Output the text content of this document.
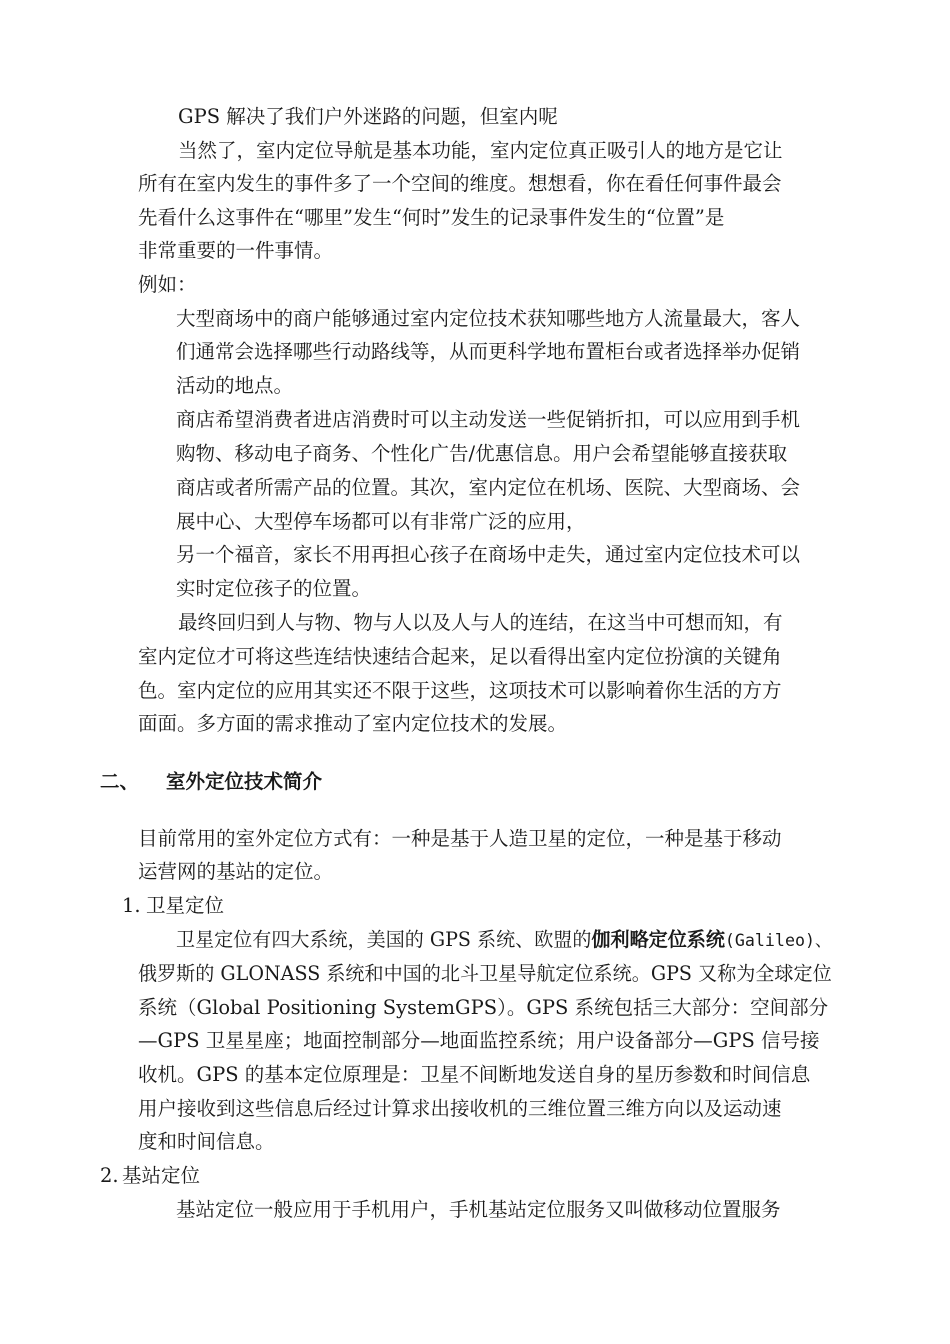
GPS 解决了我们户外迷路的问题，但室内呢

当然了，室内定位导航是基本功能，室内定位真正吸引人的地方是它让

所有在室内发生的事件多了一个空间的维度。想想看，你在看任何事件最会

先看什么这事件在“哪里”发生“何时”发生的记录事件发生的“位置”是

非常重要的一件事情。

例如：

大型商场中的商户能够通过室内定位技术获知哪些地方人流量最大，客人

们通常会选择哪些行动路线等，从而更科学地布置柜台或者选择举办促销

活动的地点。

商店希望消费者进店消费时可以主动发送一些促销折扣，可以应用到手机

购物、移动电子商务、个性化广告/优惠信息。用户会希望能够直接获取

商店或者所需产品的位置。其次，室内定位在机场、医院、大型商场、会

展中心、大型停车场都可以有非常广泛的应用，

另一个福音，家长不用再担心孩子在商场中走失，通过室内定位技术可以

实时定位孩子的位置。

最终回归到人与物、物与人以及人与人的连结，在这当中可想而知，有

室内定位才可将这些连结快速结合起来，足以看得出室内定位扮演的关键角

色。室内定位的应用其实还不限于这些，这项技术可以影响着你生活的方方

面面。多方面的需求推动了室内定位技术的发展。

二、 室外定位技术简介

目前常用的室外定位方式有：一种是基于人造卫星的定位，一种是基于移动

运营网的基站的定位。

1. 卫星定位

卫星定位有四大系统，美国的 GPS 系统、欧盟的伽利略定位系统(Galileo)、

俄罗斯的 GLONASS 系统和中国的北斗卫星导航定位系统。GPS 又称为全球定位

系统（Global Positioning SystemGPS）。GPS 系统包括三大部分：空间部分

—GPS 卫星星座；地面控制部分—地面监控系统；用户设备部分—GPS 信号接

收机。GPS 的基本定位原理是：卫星不间断地发送自身的星历参数和时间信息

用户接收到这些信息后经过计算求出接收机的三维位置三维方向以及运动速

度和时间信息。

2. 基站定位

基站定位一般应用于手机用户，手机基站定位服务又叫做移动位置服务
